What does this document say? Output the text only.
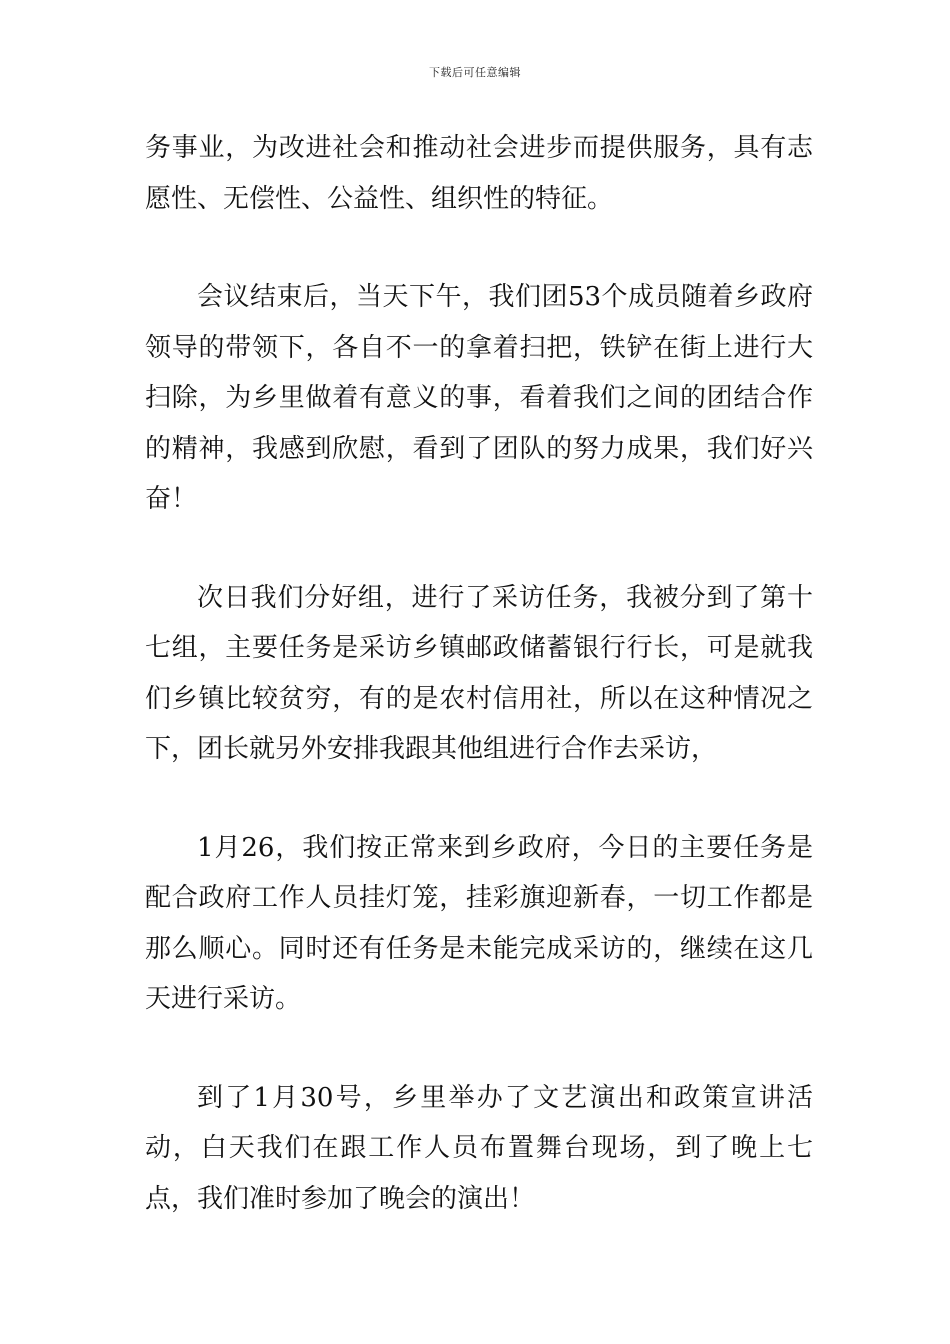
下载后可任意编辑

务事业，为改进社会和推动社会进步而提供服务，具有志愿性、无偿性、公益性、组织性的特征。

会议结束后，当天下午，我们团53个成员随着乡政府领导的带领下，各自不一的拿着扫把，铁铲在街上进行大扫除，为乡里做着有意义的事，看着我们之间的团结合作的精神，我感到欣慰，看到了团队的努力成果，我们好兴奋！

次日我们分好组，进行了采访任务，我被分到了第十七组，主要任务是采访乡镇邮政储蓄银行行长，可是就我们乡镇比较贫穷，有的是农村信用社，所以在这种情况之下，团长就另外安排我跟其他组进行合作去采访，

1月26，我们按正常来到乡政府，今日的主要任务是配合政府工作人员挂灯笼，挂彩旗迎新春，一切工作都是那么顺心。同时还有任务是未能完成采访的，继续在这几天进行采访。

到了1月30号，乡里举办了文艺演出和政策宣讲活动，白天我们在跟工作人员布置舞台现场，到了晚上七点，我们准时参加了晚会的演出！
